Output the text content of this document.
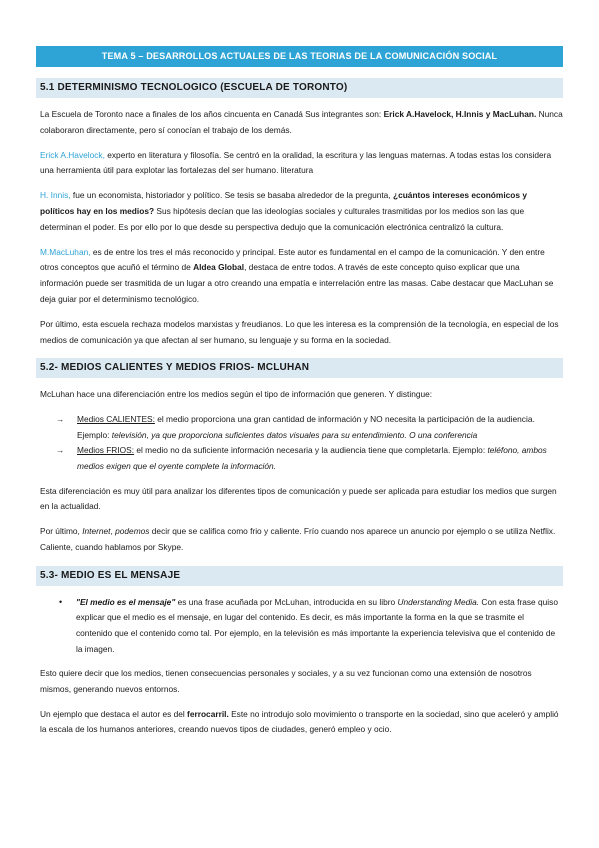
TEMA 5 – DESARROLLOS ACTUALES DE LAS TEORIAS DE LA COMUNICACIÓN SOCIAL
5.1 DETERMINISMO TECNOLOGICO (ESCUELA DE TORONTO)

La Escuela de Toronto nace a finales de los años cincuenta en Canadá Sus integrantes son: Erick A.Havelock, H.Innis y MacLuhan. Nunca colaboraron directamente, pero sí conocían el trabajo de los demás.

Erick A.Havelock, experto en literatura y filosofía. Se centró en la oralidad, la escritura y las lenguas maternas. A todas estas los considera una herramienta útil para explotar las fortalezas del ser humano. literatura

H. Innis, fue un economista, historiador y político. Se tesis se basaba alrededor de la pregunta, ¿cuántos intereses económicos y políticos hay en los medios? Sus hipótesis decían que las ideologías sociales y culturales trasmitidas por los medios son las que determinan el poder. Es por ello por lo que desde su perspectiva dedujo que la comunicación electrónica centralizó la cultura.

M.MacLuhan, es de entre los tres el más reconocido y principal. Este autor es fundamental en el campo de la comunicación. Y den entre otros conceptos que acuñó el término de Aldea Global, destaca de entre todos. A través de este concepto quiso explicar que una información puede ser trasmitida de un lugar a otro creando una empatía e interrelación entre las masas. Cabe destacar que MacLuhan se deja guiar por el determinismo tecnológico.

Por último, esta escuela rechaza modelos marxistas y freudianos. Lo que les interesa es la comprensión de la tecnología, en especial de los medios de comunicación ya que afectan al ser humano, su lenguaje y su forma en la sociedad.

5.2- MEDIOS CALIENTES Y MEDIOS FRIOS- MCLUHAN

McLuhan hace una diferenciación entre los medios según el tipo de información que generen. Y distingue:

→ Medios CALIENTES: el medio proporciona una gran cantidad de información y NO necesita la participación de la audiencia. Ejemplo: televisión, ya que proporciona suficientes datos visuales para su entendimiento. O una conferencia
→ Medios FRIOS: el medio no da suficiente información necesaria y la audiencia tiene que completarla. Ejemplo: teléfono, ambos medios exigen que el oyente complete la información.

Esta diferenciación es muy útil para analizar los diferentes tipos de comunicación y puede ser aplicada para estudiar los medios que surgen en la actualidad.

Por último, Internet, podemos decir que se califica como frio y caliente. Frío cuando nos aparece un anuncio por ejemplo o se utiliza Netflix. Caliente, cuando hablamos por Skype.

5.3- MEDIO ES EL MENSAJE
• "El medio es el mensaje" es una frase acuñada por McLuhan, introducida en su libro Understanding Media. Con esta frase quiso explicar que el medio es el mensaje, en lugar del contenido. Es decir, es más importante la forma en la que se trasmite el contenido que el contenido como tal. Por ejemplo, en la televisión es más importante la experiencia televisiva que el contenido de la imagen.

Esto quiere decir que los medios, tienen consecuencias personales y sociales, y a su vez funcionan como una extensión de nosotros mismos, generando nuevos entornos.

Un ejemplo que destaca el autor es del ferrocarril. Este no introdujo solo movimiento o transporte en la sociedad, sino que aceleró y amplió la escala de los humanos anteriores, creando nuevos tipos de ciudades, generó empleo y ocio.
